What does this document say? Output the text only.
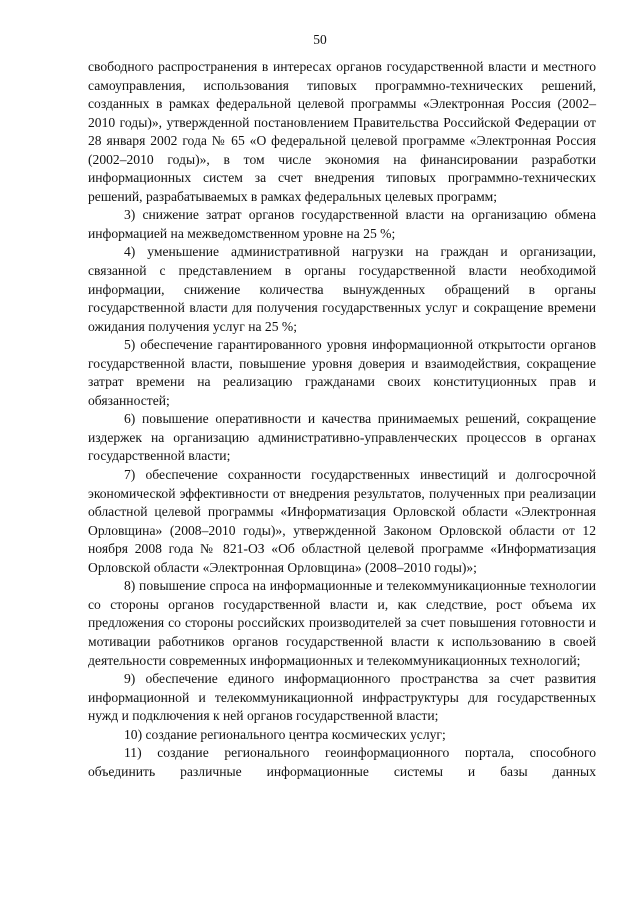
50

свободного распространения в интересах органов государственной власти и местного самоуправления, использования типовых программно-технических решений, созданных в рамках федеральной целевой программы «Электронная Россия (2002–2010 годы)», утвержденной постановлением Правительства Российской Федерации от 28 января 2002 года № 65 «О федеральной целевой программе «Электронная Россия (2002–2010 годы)», в том числе экономия на финансировании разработки информационных систем за счет внедрения типовых программно-технических решений, разрабатываемых в рамках федеральных целевых программ;

3) снижение затрат органов государственной власти на организацию обмена информацией на межведомственном уровне на 25 %;

4) уменьшение административной нагрузки на граждан и организации, связанной с представлением в органы государственной власти необходимой информации, снижение количества вынужденных обращений в органы государственной власти для получения государственных услуг и сокращение времени ожидания получения услуг на 25 %;

5) обеспечение гарантированного уровня информационной открытости органов государственной власти, повышение уровня доверия и взаимодействия, сокращение затрат времени на реализацию гражданами своих конституционных прав и обязанностей;

6) повышение оперативности и качества принимаемых решений, сокращение издержек на организацию административно-управленческих процессов в органах государственной власти;

7) обеспечение сохранности государственных инвестиций и долгосрочной экономической эффективности от внедрения результатов, полученных при реализации областной целевой программы «Информатизация Орловской области «Электронная Орловщина» (2008–2010 годы)», утвержденной Законом Орловской области от 12 ноября 2008 года № 821-ОЗ «Об областной целевой программе «Информатизация Орловской области «Электронная Орловщина» (2008–2010 годы)»;

8) повышение спроса на информационные и телекоммуникационные технологии со стороны органов государственной власти и, как следствие, рост объема их предложения со стороны российских производителей за счет повышения готовности и мотивации работников органов государственной власти к использованию в своей деятельности современных информационных и телекоммуникационных технологий;

9) обеспечение единого информационного пространства за счет развития информационной и телекоммуникационной инфраструктуры для государственных нужд и подключения к ней органов государственной власти;

10) создание регионального центра космических услуг;

11) создание регионального геоинформационного портала, способного объединить различные информационные системы и базы данных
